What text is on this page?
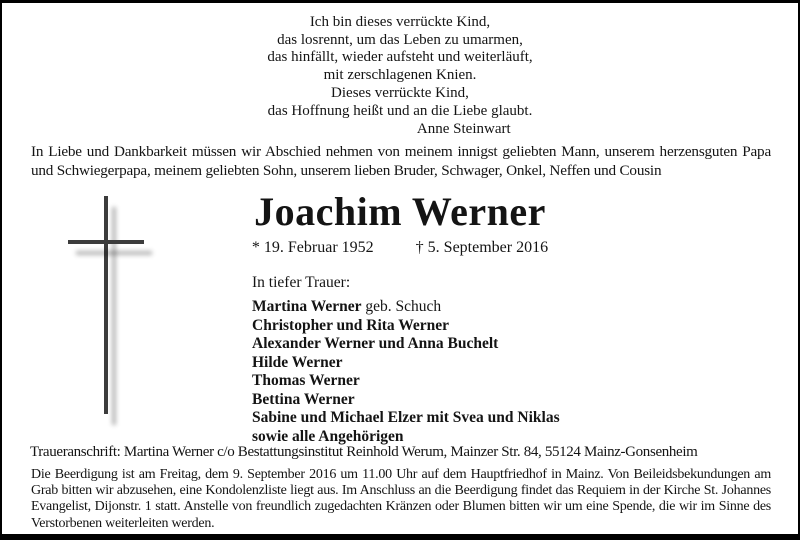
Ich bin dieses verrückte Kind,
das losrennt, um das Leben zu umarmen,
das hinfällt, wieder aufsteht und weiterläuft,
mit zerschlagenen Knien.
Dieses verrückte Kind,
das Hoffnung heißt und an die Liebe glaubt.
Anne Steinwart

In Liebe und Dankbarkeit müssen wir Abschied nehmen von meinem innigst geliebten Mann, unserem herzensguten Papa und Schwiegerpapa, meinem geliebten Sohn, unserem lieben Bruder, Schwager, Onkel, Neffen und Cousin

Joachim Werner
* 19. Februar 1952	† 5. September 2016
In tiefer Trauer:
Martina Werner geb. Schuch
Christopher und Rita Werner
Alexander Werner und Anna Buchelt
Hilde Werner
Thomas Werner
Bettina Werner
Sabine und Michael Elzer mit Svea und Niklas
sowie alle Angehörigen

Traueranschrift: Martina Werner c/o Bestattungsinstitut Reinhold Werum, Mainzer Str. 84, 55124 Mainz-Gonsenheim

Die Beerdigung ist am Freitag, dem 9. September 2016 um 11.00 Uhr auf dem Hauptfriedhof in Mainz. Von Beileidsbekundungen am Grab bitten wir abzusehen, eine Kondolenzliste liegt aus. Im Anschluss an die Beerdigung findet das Requiem in der Kirche St. Johannes Evangelist, Dijonstr. 1 statt. Anstelle von freundlich zugedachten Kränzen oder Blumen bitten wir um eine Spende, die wir im Sinne des Verstorbenen weiterleiten werden.
